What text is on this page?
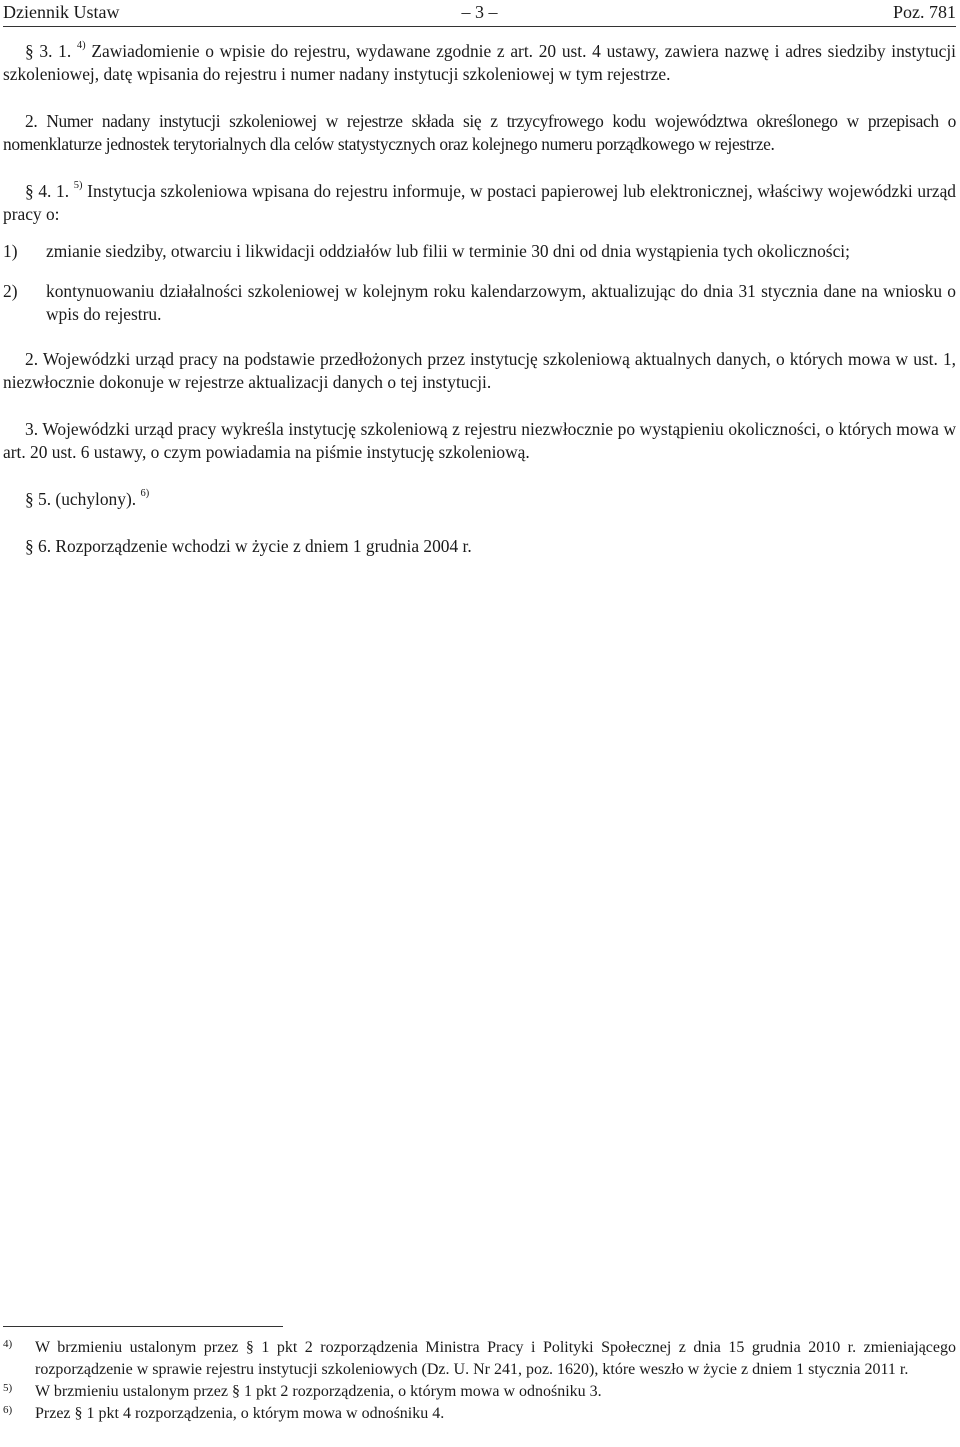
Dziennik Ustaw	– 3 –	Poz. 781

§ 3. 1. $^{4)}$ Zawiadomienie o wpisie do rejestru, wydawane zgodnie z art. 20 ust. 4 ustawy, zawiera nazwę i adres siedziby instytucji szkoleniowej, datę wpisania do rejestru i numer nadany instytucji szkoleniowej w tym rejestrze.

2. Numer nadany instytucji szkoleniowej w rejestrze składa się z trzycyfrowego kodu województwa określonego w przepisach o nomenklaturze jednostek terytorialnych dla celów statystycznych oraz kolejnego numeru porządkowego w rejestrze.

§ 4. 1. $^{5)}$ Instytucja szkoleniowa wpisana do rejestru informuje, w postaci papierowej lub elektronicznej, właściwy wojewódzki urząd pracy o:

1)	zmianie siedziby, otwarciu i likwidacji oddziałów lub filii w terminie 30 dni od dnia wystąpienia tych okoliczności;
2)	kontynuowaniu działalności szkoleniowej w kolejnym roku kalendarzowym, aktualizując do dnia 31 stycznia dane na wniosku o wpis do rejestru.

2. Wojewódzki urząd pracy na podstawie przedłożonych przez instytucję szkoleniową aktualnych danych, o których mowa w ust. 1, niezwłocznie dokonuje w rejestrze aktualizacji danych o tej instytucji.

3. Wojewódzki urząd pracy wykreśla instytucję szkoleniową z rejestru niezwłocznie po wystąpieniu okoliczności, o których mowa w art. 20 ust. 6 ustawy, o czym powiadamia na piśmie instytucję szkoleniową.

§ 5. (uchylony). $^{6)}$

§ 6. Rozporządzenie wchodzi w życie z dniem 1 grudnia 2004 r.

4)	W brzmieniu ustalonym przez § 1 pkt 2 rozporządzenia Ministra Pracy i Polityki Społecznej z dnia 15 grudnia 2010 r. zmieniającego rozporządzenie w sprawie rejestru instytucji szkoleniowych (Dz. U. Nr 241, poz. 1620), które weszło w życie z dniem 1 stycznia 2011 r.
5)	W brzmieniu ustalonym przez § 1 pkt 2 rozporządzenia, o którym mowa w odnośniku 3.
6)	Przez § 1 pkt 4 rozporządzenia, o którym mowa w odnośniku 4.
